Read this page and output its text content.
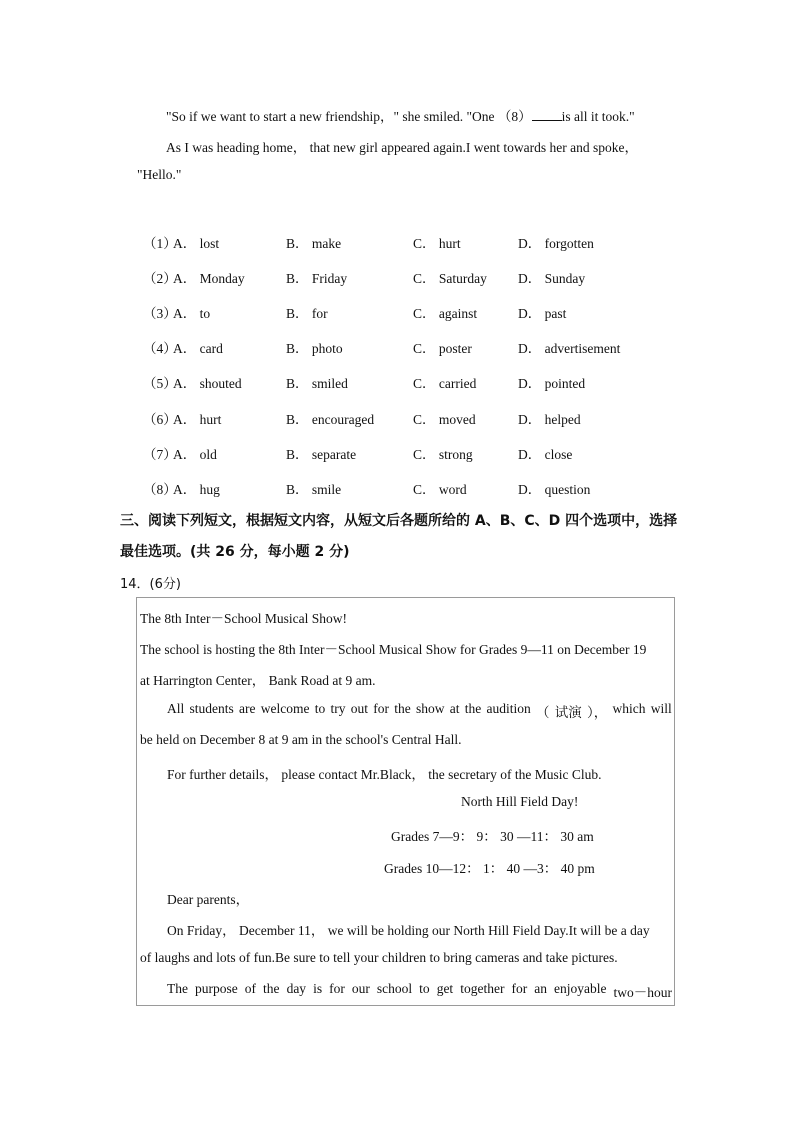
"So if we want to start a new friendship，" she smiled. "One （8） is all it took."
As I was heading home， that new girl appeared again.I went towards her and spoke，
"Hello."
（1）
A． lost	B． make	C． hurt	D． forgotten
（2）
A． Monday	B． Friday	C． Saturday D． Sunday
（3）
A． to	B． for	C． against	D． past
（4）
A． card	B． photo	C． poster	D． advertisement
（5）
A． shouted	B． smiled	C． carried	D． pointed
（6）
A． hurt	B． encouraged	C． moved	D． helped
（7）
A． old	B． separate	C． strong	D． close
（8）
A． hug	B． smile	C． word	D． question
三、阅读下列短文，根据短文内容，从短文后各题所给的 A、B、C、D 四个选项中，选择
最佳选项。(共 26 分，每小题 2 分)
14．(6分)
The 8th Inter－School Musical Show!
The school is hosting the 8th Inter－School Musical Show for Grades 9—11 on December 19
at Harrington Center， Bank Road at 9 am.
All students are welcome to try out for the show at the audition （ 试演 ）， which will
be held on December 8 at 9 am in the school's Central Hall.
For further details， please contact Mr.Black， the secretary of the Music Club.
North Hill Field Day!
Grades 7—9： 9： 30 —11： 30 am
Grades 10—12： 1： 40 —3： 40 pm
Dear parents，
On Friday， December 11， we will be holding our North Hill Field Day.It will be a day
of laughs and lots of fun.Be sure to tell your children to bring cameras and take pictures.
The purpose of the day is for our school to get together for an enjoyable two－hour
